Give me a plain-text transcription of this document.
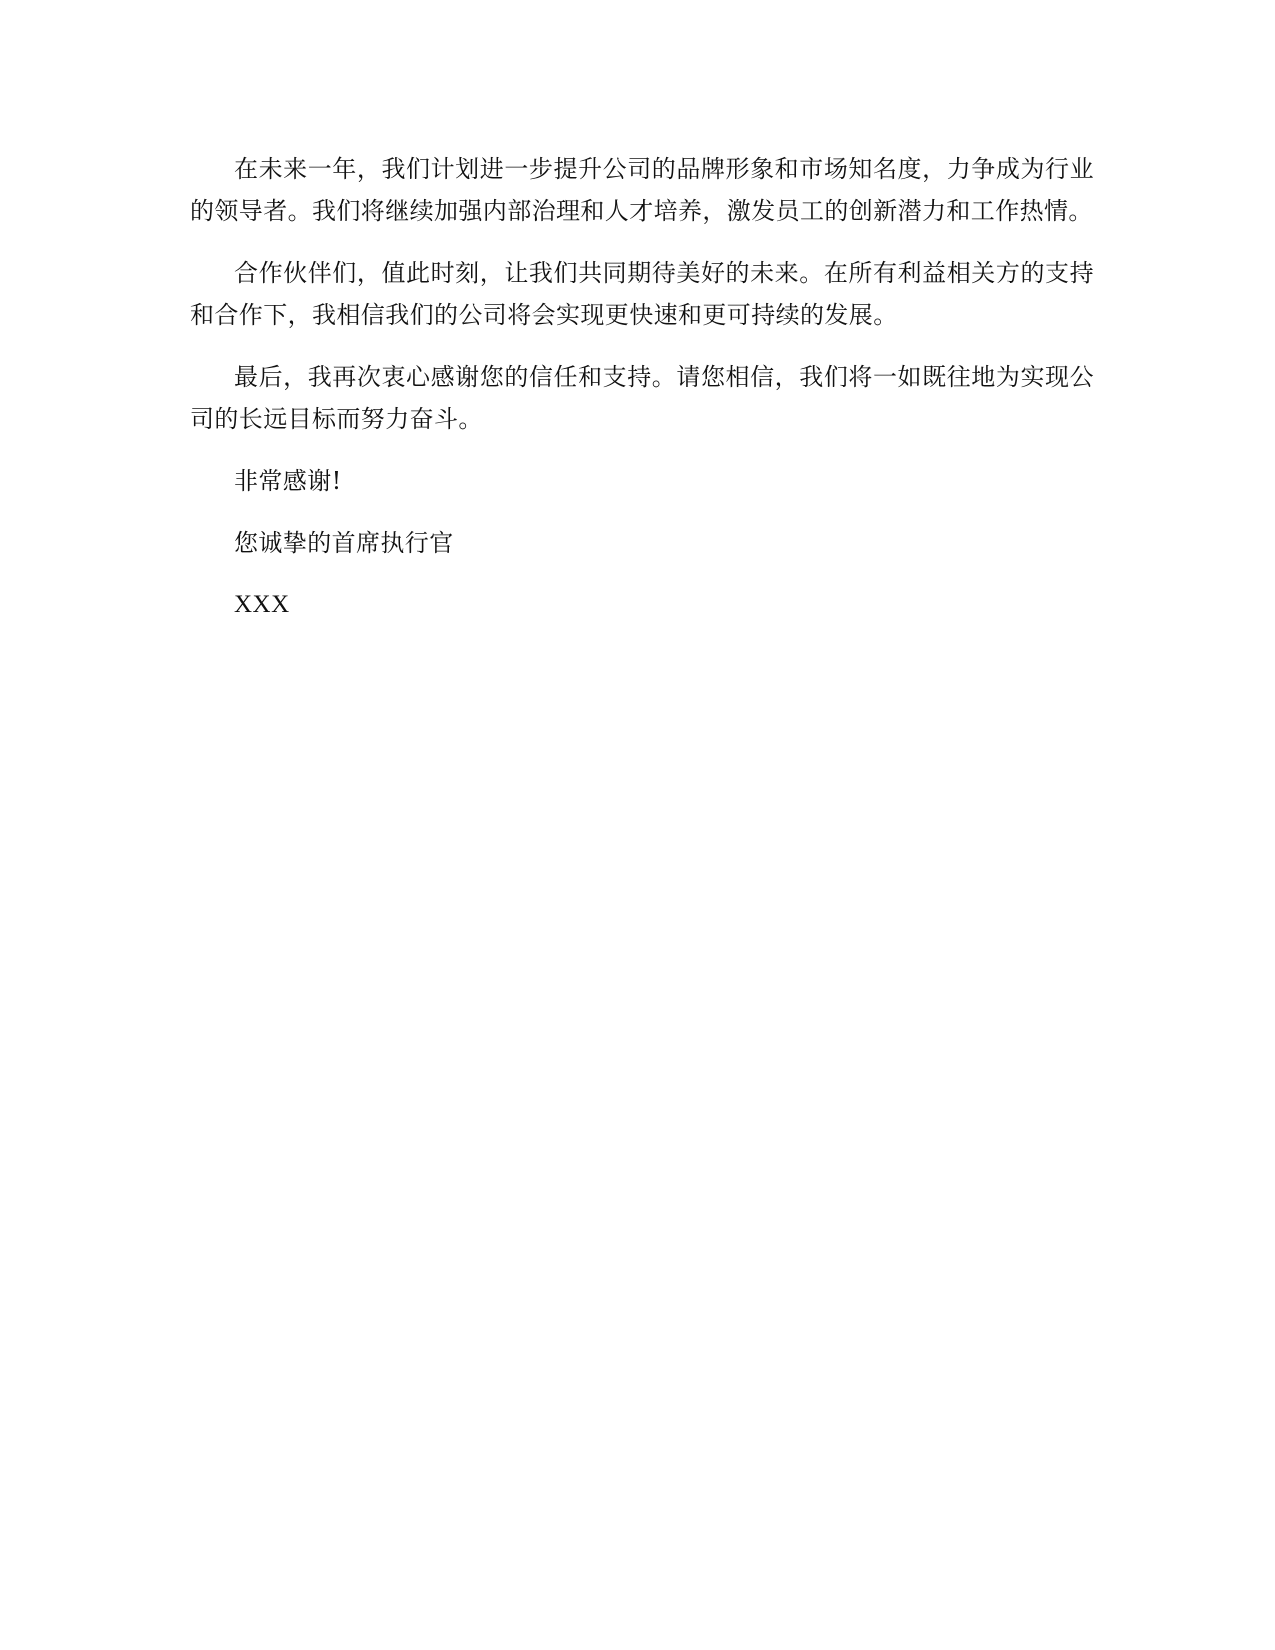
在未来一年，我们计划进一步提升公司的品牌形象和市场知名度，力争成为行业的领导者。我们将继续加强内部治理和人才培养，激发员工的创新潜力和工作热情。

合作伙伴们，值此时刻，让我们共同期待美好的未来。在所有利益相关方的支持和合作下，我相信我们的公司将会实现更快速和更可持续的发展。

最后，我再次衷心感谢您的信任和支持。请您相信，我们将一如既往地为实现公司的长远目标而努力奋斗。

非常感谢!

您诚挚的首席执行官

XXX
